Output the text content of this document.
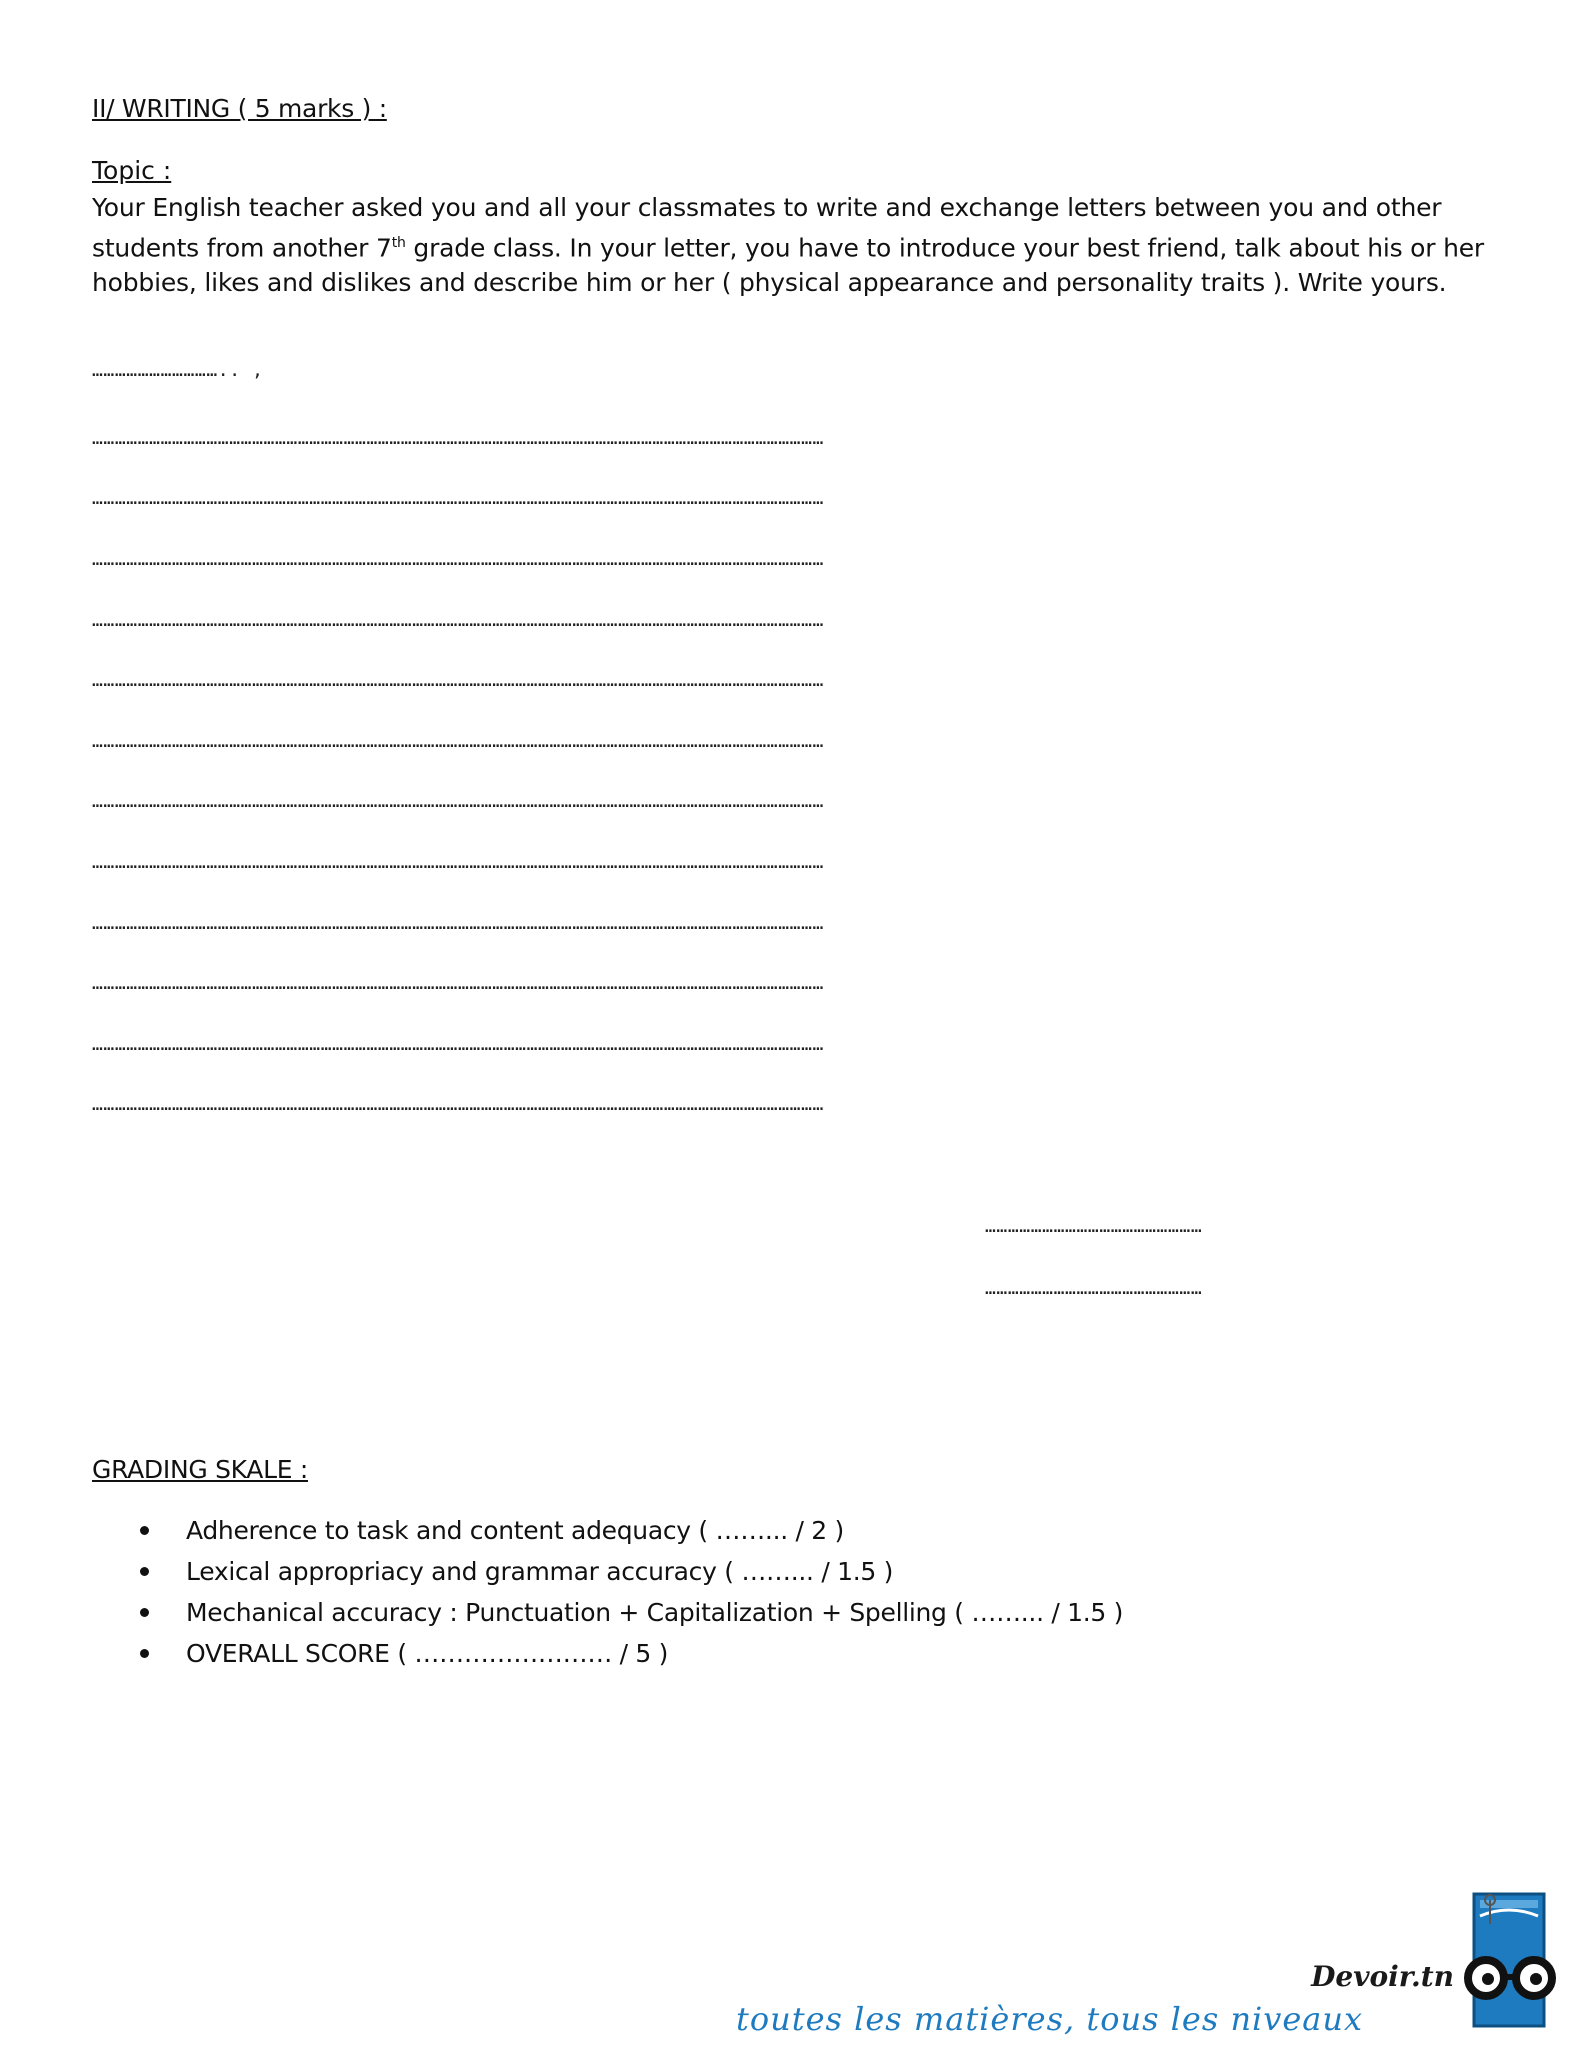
II/ WRITING ( 5 marks ) :
Topic :
Your English teacher asked you and all your classmates to write and exchange letters between you and other students from another 7th grade class. In your letter, you have to introduce your best friend, talk about his or her hobbies, likes and dislikes and describe him or her ( physical appearance and personality traits ). Write yours.
…………………………….. ,
…………………………………………………………………………………………………………………………………………………………………………
…………………………………………………………………………………………………………………………………………………………………………
…………………………………………………………………………………………………………………………………………………………………………
…………………………………………………………………………………………………………………………………………………………………………
…………………………………………………………………………………………………………………………………………………………………………
…………………………………………………………………………………………………………………………………………………………………………
…………………………………………………………………………………………………………………………………………………………………………
…………………………………………………………………………………………………………………………………………………………………………
…………………………………………………………………………………………………………………………………………………………………………
…………………………………………………………………………………………………………………………………………………………………………
…………………………………………………………………………………………………………………………………………………………………………
…………………………………………………………………………………………………………………………………………………………………………
…………………………………………………
…………………………………………………
GRADING SKALE :
Adherence to task and content adequacy ( ……... / 2 )
Lexical appropriacy and grammar accuracy ( ……... / 1.5 )
Mechanical accuracy : Punctuation + Capitalization + Spelling ( ……... / 1.5 )
OVERALL SCORE ( …………………… / 5 )
Devoir.tn
toutes les matières, tous les niveaux
